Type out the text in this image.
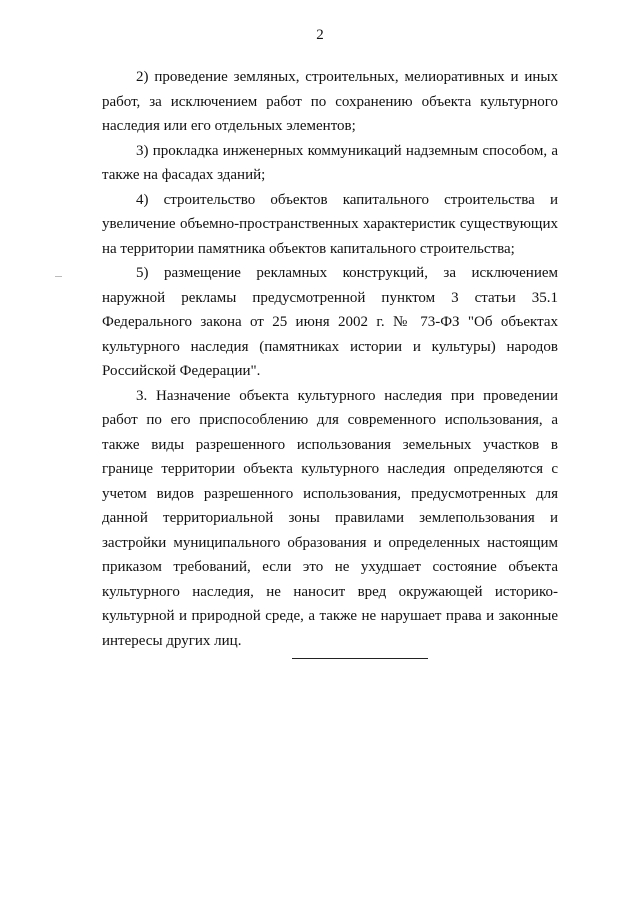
2

2) проведение земляных, строительных, мелиоративных и иных работ, за исключением работ по сохранению объекта культурного наследия или его отдельных элементов;

3) прокладка инженерных коммуникаций надземным способом, а также на фасадах зданий;

4) строительство объектов капитального строительства и увеличение объемно-пространственных характеристик существующих на территории памятника объектов капитального строительства;

5) размещение рекламных конструкций, за исключением наружной рекламы предусмотренной пунктом 3 статьи 35.1 Федерального закона от 25 июня 2002 г. № 73-ФЗ "Об объектах культурного наследия (памятниках истории и культуры) народов Российской Федерации".

3. Назначение объекта культурного наследия при проведении работ по его приспособлению для современного использования, а также виды разрешенного использования земельных участков в границе территории объекта культурного наследия определяются с учетом видов разрешенного использования, предусмотренных для данной территориальной зоны правилами землепользования и застройки муниципального образования и определенных настоящим приказом требований, если это не ухудшает состояние объекта культурного наследия, не наносит вред окружающей историко-культурной и природной среде, а также не нарушает права и законные интересы других лиц.
